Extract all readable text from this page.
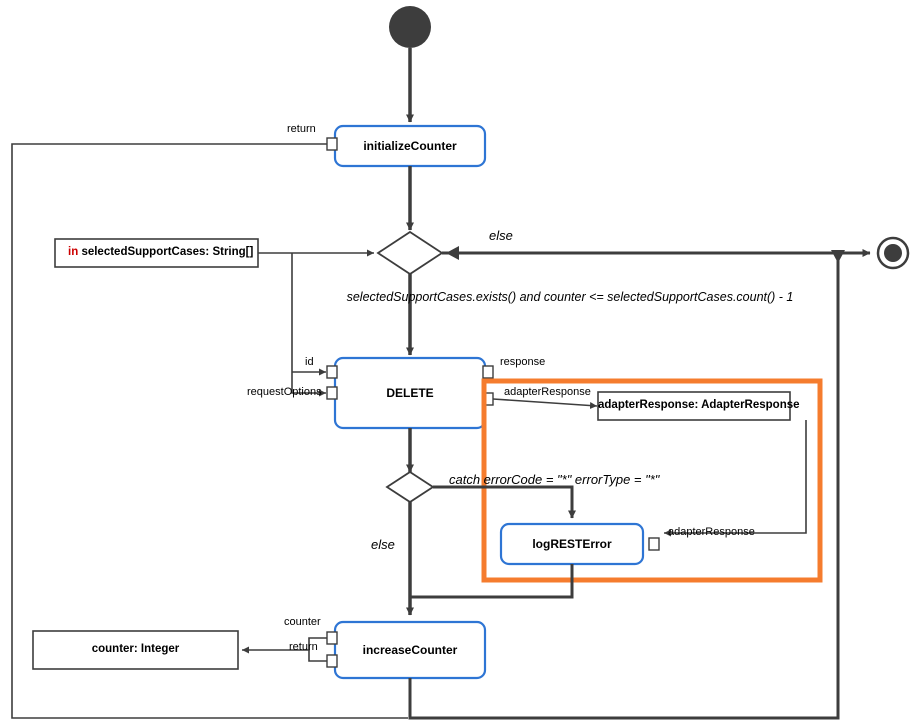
initializeCounter
DELETE
logRESTError
increaseCounter
adapterResponse: AdapterResponse
counter: Integer
in selectedSupportCases: String[]
return
id
requestOptions
response
adapterResponse
adapterResponse
counter
return
else
selectedSupportCases.exists() and counter <= selectedSupportCases.count() - 1
catch errorCode = "*" errorType = "*"
else
